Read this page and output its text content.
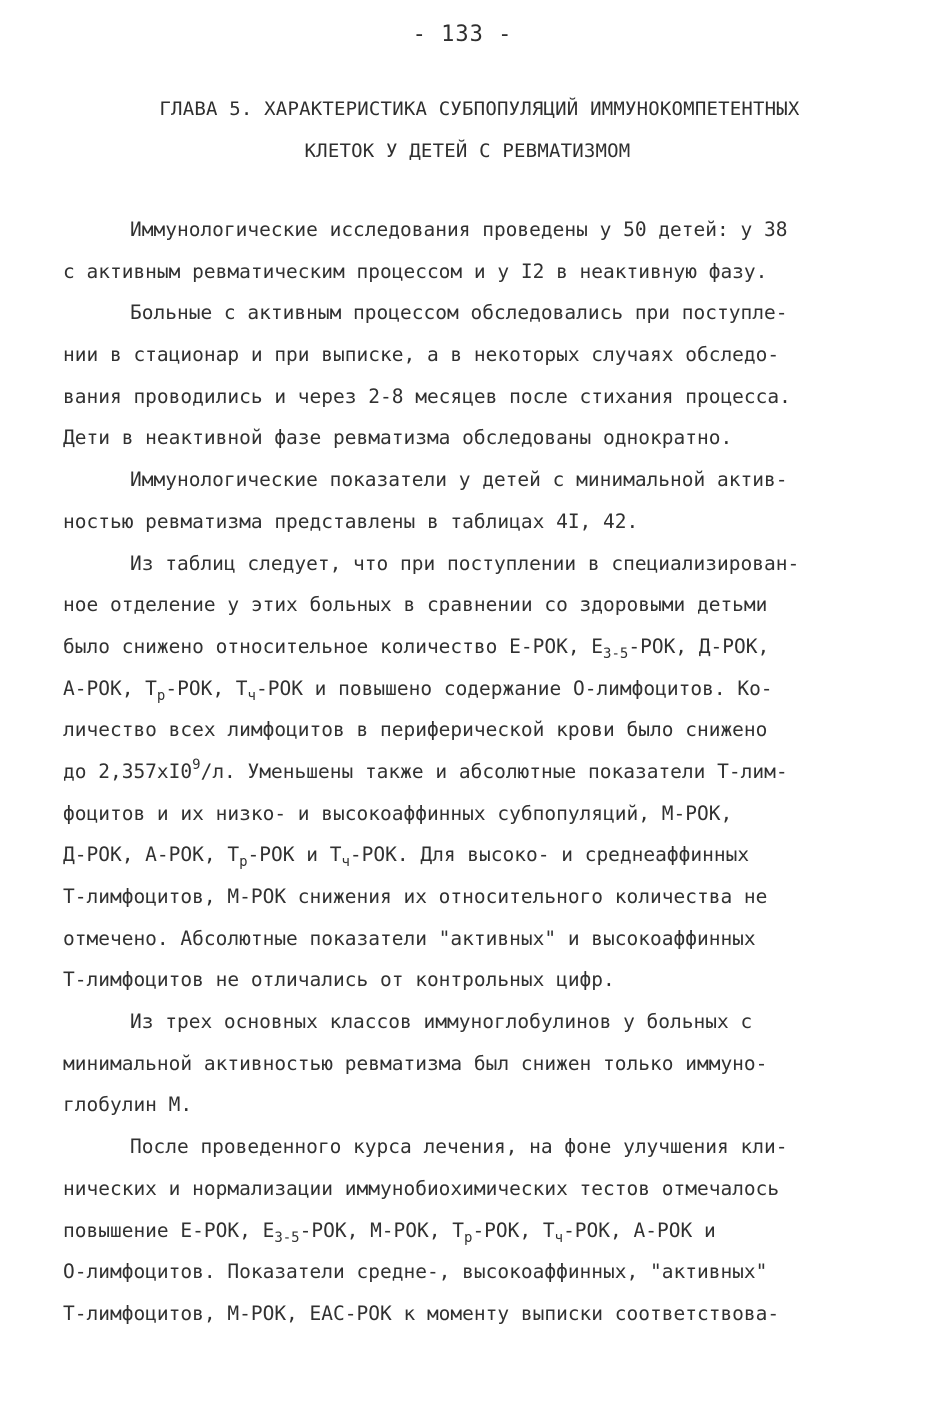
- 133 -
ГЛАВА 5. ХАРАКТЕРИСТИКА СУБПОПУЛЯЦИЙ ИММУНОКОМПЕТЕНТНЫХ
КЛЕТОК У ДЕТЕЙ С РЕВМАТИЗМОМ
Иммунологические исследования проведены у 50 детей: у 38
с активным ревматическим процессом и у I2 в неактивную фазу.
Больные с активным процессом обследовались при поступле-
нии в стационар и при выписке, а в некоторых случаях обследо-
вания проводились и через 2-8 месяцев после стихания процесса.
Дети в неактивной фазе ревматизма обследованы однократно.
Иммунологические показатели у детей с минимальной актив-
ностью ревматизма представлены в таблицах 4I, 42.
Из таблиц следует, что при поступлении в специализирован-
ное отделение у этих больных в сравнении со здоровыми детьми
было снижено относительное количество Е-РОК, $Е_{3-5}$-РОК, Д-РОК,
А-РОК, $Т_р$-РОК, $Т_ч$-РОК и повышено содержание О-лимфоцитов. Ко-
личество всех лимфоцитов в периферической крови было снижено
до $2,357хI0^9/л$. Уменьшены также и абсолютные показатели Т-лим-
фоцитов и их низко- и высокоаффинных субпопуляций, М-РОК,
Д-РОК, А-РОК, $Т_р$-РОК и $Т_ч$-РОК. Для высоко- и среднеаффинных
Т-лимфоцитов, М-РОК снижения их относительного количества не
отмечено. Абсолютные показатели "активных" и высокоаффинных
Т-лимфоцитов не отличались от контрольных цифр.
Из трех основных классов иммуноглобулинов у больных с
минимальной активностью ревматизма был снижен только иммуно-
глобулин М.
После проведенного курса лечения, на фоне улучшения кли-
нических и нормализации иммунобиохимических тестов отмечалось
повышение Е-РОК, $Е_{3-5}$-РОК, М-РОК, $Т_р$-РОК, $Т_ч$-РОК, А-РОК и
О-лимфоцитов. Показатели средне-, высокоаффинных, "активных"
Т-лимфоцитов, М-РОК, ЕАС-РОК к моменту выписки соответствова-
